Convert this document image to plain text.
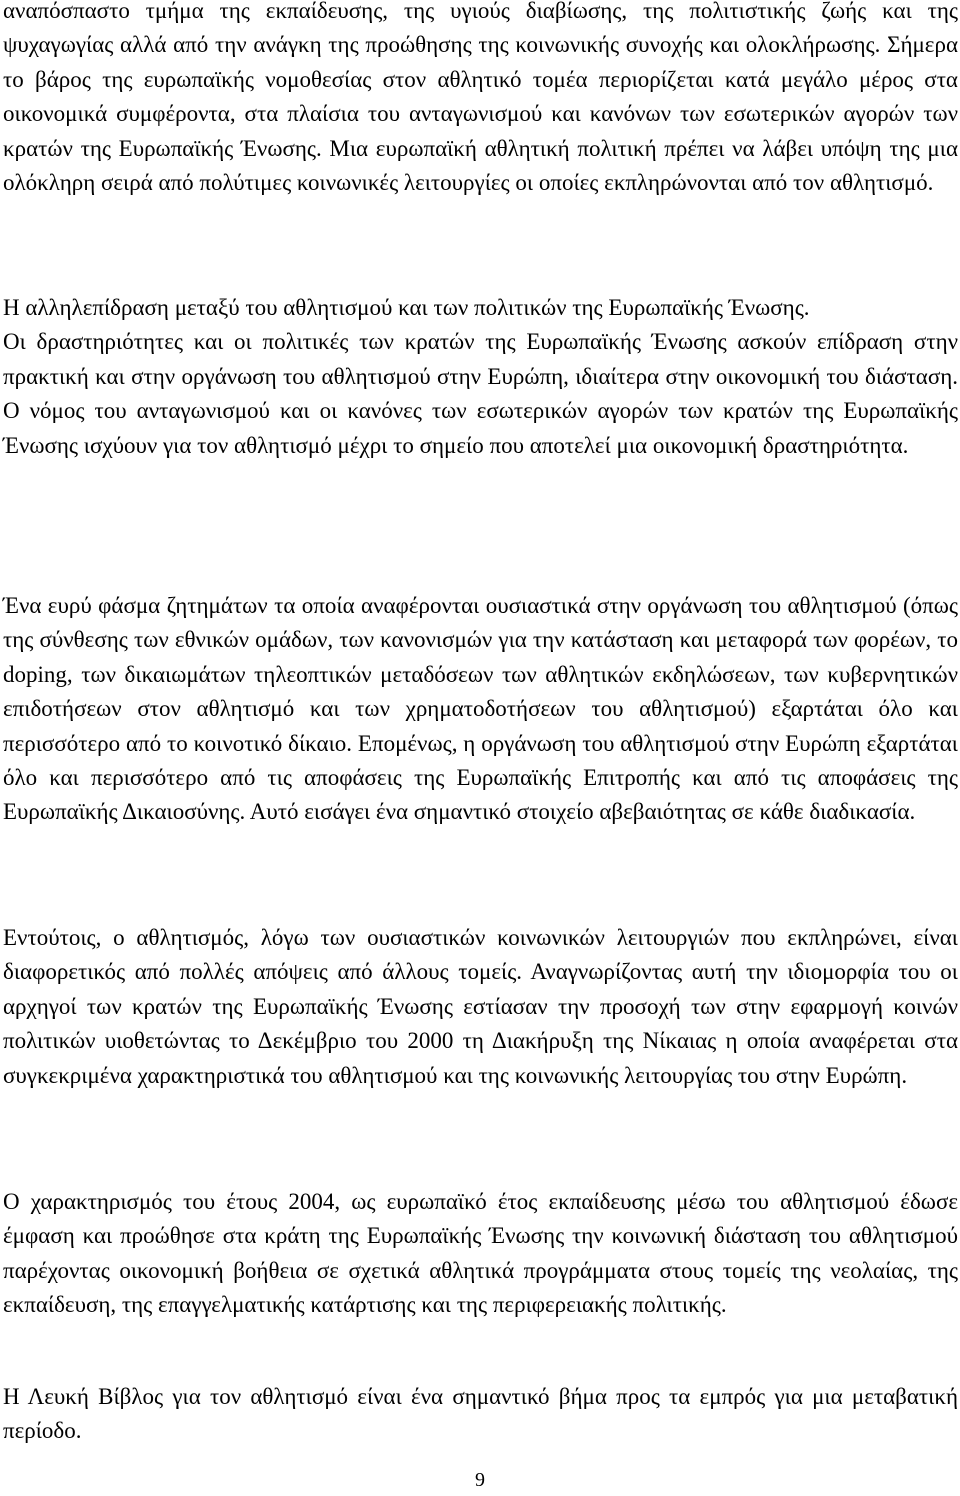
αναπόσπαστο τμήμα της εκπαίδευσης, της υγιούς διαβίωσης, της πολιτιστικής ζωής και της ψυχαγωγίας αλλά από την ανάγκη της προώθησης της κοινωνικής συνοχής και ολοκλήρωσης. Σήμερα το βάρος της ευρωπαϊκής νομοθεσίας στον αθλητικό τομέα περιορίζεται κατά μεγάλο μέρος στα οικονομικά συμφέροντα, στα πλαίσια του ανταγωνισμού και κανόνων των εσωτερικών αγορών των κρατών της Ευρωπαϊκής Ένωσης. Μια ευρωπαϊκή αθλητική πολιτική πρέπει να λάβει υπόψη της μια ολόκληρη σειρά από πολύτιμες κοινωνικές λειτουργίες οι οποίες εκπληρώνονται από τον αθλητισμό.

Η αλληλεπίδραση μεταξύ του αθλητισμού και των πολιτικών της Ευρωπαϊκής Ένωσης.

Οι δραστηριότητες και οι πολιτικές των κρατών της Ευρωπαϊκής Ένωσης ασκούν επίδραση στην πρακτική και στην οργάνωση του αθλητισμού στην Ευρώπη, ιδιαίτερα στην οικονομική του διάσταση. Ο νόμος του ανταγωνισμού και οι κανόνες των εσωτερικών αγορών των κρατών της Ευρωπαϊκής Ένωσης ισχύουν για τον αθλητισμό μέχρι το σημείο που αποτελεί μια οικονομική δραστηριότητα.

Ένα ευρύ φάσμα ζητημάτων τα οποία αναφέρονται ουσιαστικά στην οργάνωση του αθλητισμού (όπως της σύνθεσης των εθνικών ομάδων, των κανονισμών για την κατάσταση και μεταφορά των φορέων, το doping, των δικαιωμάτων τηλεοπτικών μεταδόσεων των αθλητικών εκδηλώσεων, των κυβερνητικών επιδοτήσεων στον αθλητισμό και των χρηματοδοτήσεων του αθλητισμού) εξαρτάται όλο και περισσότερο από το κοινοτικό δίκαιο. Επομένως, η οργάνωση του αθλητισμού στην Ευρώπη εξαρτάται όλο και περισσότερο από τις αποφάσεις της Ευρωπαϊκής Επιτροπής και από τις αποφάσεις της Ευρωπαϊκής Δικαιοσύνης. Αυτό εισάγει ένα σημαντικό στοιχείο αβεβαιότητας σε κάθε διαδικασία.

Εντούτοις, ο αθλητισμός, λόγω των ουσιαστικών κοινωνικών λειτουργιών που εκπληρώνει, είναι διαφορετικός από πολλές απόψεις από άλλους τομείς. Αναγνωρίζοντας αυτή την ιδιομορφία του οι αρχηγοί των κρατών της Ευρωπαϊκής Ένωσης εστίασαν την προσοχή των στην εφαρμογή κοινών πολιτικών υιοθετώντας το Δεκέμβριο του 2000 τη Διακήρυξη της Νίκαιας η οποία αναφέρεται στα συγκεκριμένα χαρακτηριστικά του αθλητισμού και της κοινωνικής λειτουργίας του στην Ευρώπη.

Ο χαρακτηρισμός του έτους 2004, ως ευρωπαϊκό έτος εκπαίδευσης μέσω του αθλητισμού έδωσε έμφαση και προώθησε στα κράτη της Ευρωπαϊκής Ένωσης την κοινωνική διάσταση του αθλητισμού παρέχοντας οικονομική βοήθεια σε σχετικά αθλητικά προγράμματα στους τομείς της νεολαίας, της εκπαίδευση, της επαγγελματικής κατάρτισης και της περιφερειακής πολιτικής.

Η Λευκή Βίβλος για τον αθλητισμό είναι ένα σημαντικό βήμα προς τα εμπρός για μια μεταβατική περίοδο.

9
